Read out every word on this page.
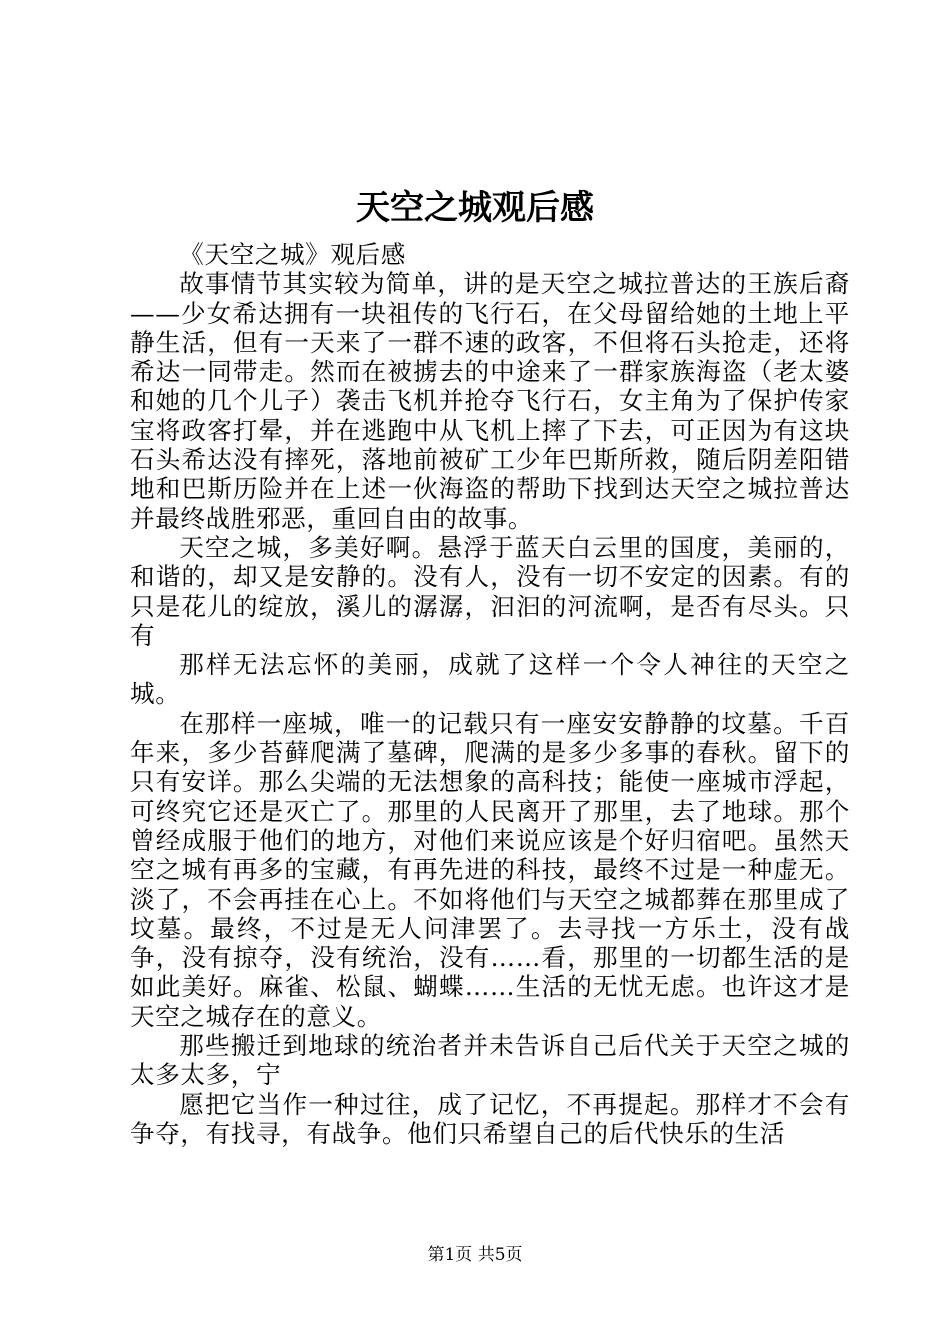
天空之城观后感

《天空之城》观后感

故事情节其实较为简单，讲的是天空之城拉普达的王族后裔——少女希达拥有一块祖传的飞行石，在父母留给她的土地上平静生活，但有一天来了一群不速的政客，不但将石头抢走，还将希达一同带走。然而在被掳去的中途来了一群家族海盗（老太婆和她的几个儿子）袭击飞机并抢夺飞行石，女主角为了保护传家宝将政客打晕，并在逃跑中从飞机上摔了下去，可正因为有这块石头希达没有摔死，落地前被矿工少年巴斯所救，随后阴差阳错地和巴斯历险并在上述一伙海盗的帮助下找到达天空之城拉普达并最终战胜邪恶，重回自由的故事。

天空之城，多美好啊。悬浮于蓝天白云里的国度，美丽的，和谐的，却又是安静的。没有人，没有一切不安定的因素。有的只是花儿的绽放，溪儿的潺潺，汩汩的河流啊，是否有尽头。只有

那样无法忘怀的美丽，成就了这样一个令人神往的天空之城。

在那样一座城，唯一的记载只有一座安安静静的坟墓。千百年来，多少苔藓爬满了墓碑，爬满的是多少多事的春秋。留下的只有安详。那么尖端的无法想象的高科技；能使一座城市浮起，可终究它还是灭亡了。那里的人民离开了那里，去了地球。那个曾经成服于他们的地方，对他们来说应该是个好归宿吧。虽然天空之城有再多的宝藏，有再先进的科技，最终不过是一种虚无。淡了，不会再挂在心上。不如将他们与天空之城都葬在那里成了坟墓。最终，不过是无人问津罢了。去寻找一方乐土，没有战争，没有掠夺，没有统治，没有……看，那里的一切都生活的是如此美好。麻雀、松鼠、蝴蝶……生活的无忧无虑。也许这才是天空之城存在的意义。

那些搬迁到地球的统治者并未告诉自己后代关于天空之城的太多太多，宁

愿把它当作一种过往，成了记忆，不再提起。那样才不会有争夺，有找寻，有战争。他们只希望自己的后代快乐的生活

第1页 共5页
